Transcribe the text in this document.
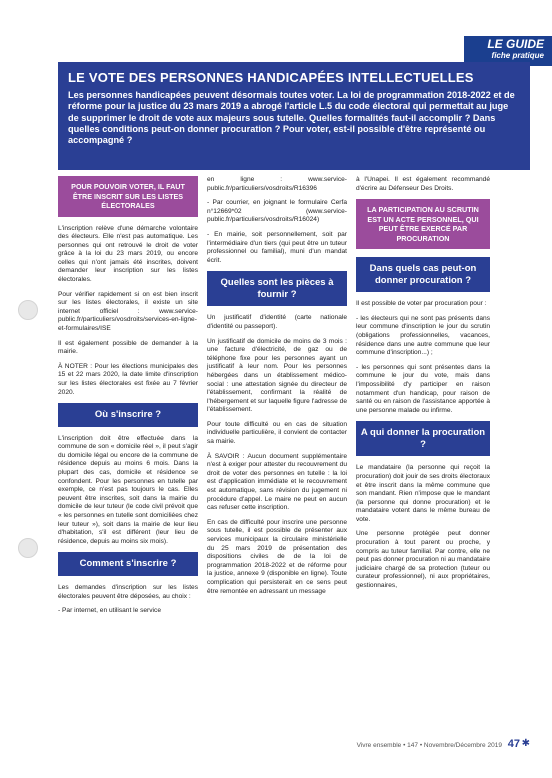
LE GUIDE
fiche pratique
LE VOTE DES PERSONNES HANDICAPÉES INTELLECTUELLES

Les personnes handicapées peuvent désormais toutes voter. La loi de programmation 2018-2022 et de réforme pour la justice du 23 mars 2019 a abrogé l'article L.5 du code électoral qui permettait au juge de supprimer le droit de vote aux majeurs sous tutelle. Quelles formalités faut-il accomplir ? Dans quelles conditions peut-on donner procuration ? Pour voter, est-il possible d'être représenté ou accompagné ?

POUR POUVOIR VOTER, IL FAUT ÊTRE INSCRIT SUR LES LISTES ÉLECTORALES

L'inscription relève d'une démarche volontaire des électeurs. Elle n'est pas automatique. Les personnes qui ont retrouvé le droit de voter grâce à la loi du 23 mars 2019, ou encore celles qui n'ont jamais été inscrites, doivent demander leur inscription sur les listes électorales.

Pour vérifier rapidement si on est bien inscrit sur les listes électorales, il existe un site internet officiel : www.service-public.fr/particuliers/vosdroits/services-en-ligne-et-formulaires/ISE

Il est également possible de demander à la mairie.

À NOTER : Pour les élections municipales des 15 et 22 mars 2020, la date limite d'inscription sur les listes électorales est fixée au 7 février 2020.

Où s'inscrire ?

L'inscription doit être effectuée dans la commune de son « domicile réel », il peut s'agir du domicile légal ou encore de la commune de résidence depuis au moins 6 mois. Dans la plupart des cas, domicile et résidence se confondent. Pour les personnes en tutelle par exemple, ce n'est pas toujours le cas. Elles peuvent être inscrites, soit dans la mairie du domicile de leur tuteur (le code civil prévoit que « les personnes en tutelle sont domiciliées chez leur tuteur »), soit dans la mairie de leur lieu d'habitation, s'il est différent (leur lieu de résidence, depuis au moins six mois).

Comment s'inscrire ?

Les demandes d'inscription sur les listes électorales peuvent être déposées, au choix :

- Par internet, en utilisant le service

en ligne : www.service-public.fr/particuliers/vosdroits/R16396

- Par courrier, en joignant le formulaire Cerfa n°12669*02 (www.service-public.fr/particuliers/vosdroits/R16024)

- En mairie, soit personnellement, soit par l'intermédiaire d'un tiers (qui peut être un tuteur professionnel ou familial), muni d'un mandat écrit.

Quelles sont les pièces à fournir ?

Un justificatif d'identité (carte nationale d'identité ou passeport).

Un justificatif de domicile de moins de 3 mois : une facture d'électricité, de gaz ou de téléphone fixe pour les personnes ayant un justificatif à leur nom. Pour les personnes hébergées dans un établissement médico-social : une attestation signée du directeur de l'établissement, confirmant la réalité de l'hébergement et sur laquelle figure l'adresse de l'établissement.

Pour toute difficulté ou en cas de situation individuelle particulière, il convient de contacter sa mairie.

À SAVOIR : Aucun document supplémentaire n'est à exiger pour attester du recouvrement du droit de voter des personnes en tutelle : la loi est d'application immédiate et le recouvrement est automatique, sans révision du jugement ni procédure d'appel. Le maire ne peut en aucun cas refuser cette inscription.

En cas de difficulté pour inscrire une personne sous tutelle, il est possible de présenter aux services municipaux la circulaire ministérielle du 25 mars 2019 de présentation des dispositions civiles de de la loi de programmation 2018-2022 et de réforme pour la justice, annexe 9 (disponible en ligne). Toute complication qui persisterait en ce sens peut être remontée en adressant un message

à l'Unapei. Il est également recommandé d'écrire au Défenseur Des Droits.

LA PARTICIPATION AU SCRUTIN EST UN ACTE PERSONNEL, QUI PEUT ÊTRE EXERCÉ PAR PROCURATION
Dans quels cas peut-on donner procuration ?

Il est possible de voter par procuration pour :

- les électeurs qui ne sont pas présents dans leur commune d'inscription le jour du scrutin (obligations professionnelles, vacances, résidence dans une autre commune que leur commune d'inscription...) ;

- les personnes qui sont présentes dans la commune le jour du vote, mais dans l'impossibilité d'y participer en raison notamment d'un handicap, pour raison de santé ou en raison de l'assistance apportée à une personne malade ou infirme.

A qui donner la procuration ?

Le mandataire (la personne qui reçoit la procuration) doit jouir de ses droits électoraux et être inscrit dans la même commune que son mandant. Rien n'impose que le mandant (la personne qui donne procuration) et le mandataire votent dans le même bureau de vote.

Une personne protégée peut donner procuration à tout parent ou proche, y compris au tuteur familial. Par contre, elle ne peut pas donner procuration ni au mandataire judiciaire chargé de sa protection (tuteur ou curateur professionnel), ni aux propriétaires, gestionnaires,

Vivre ensemble • 147 • Novembre/Décembre 2019 47 ✱
